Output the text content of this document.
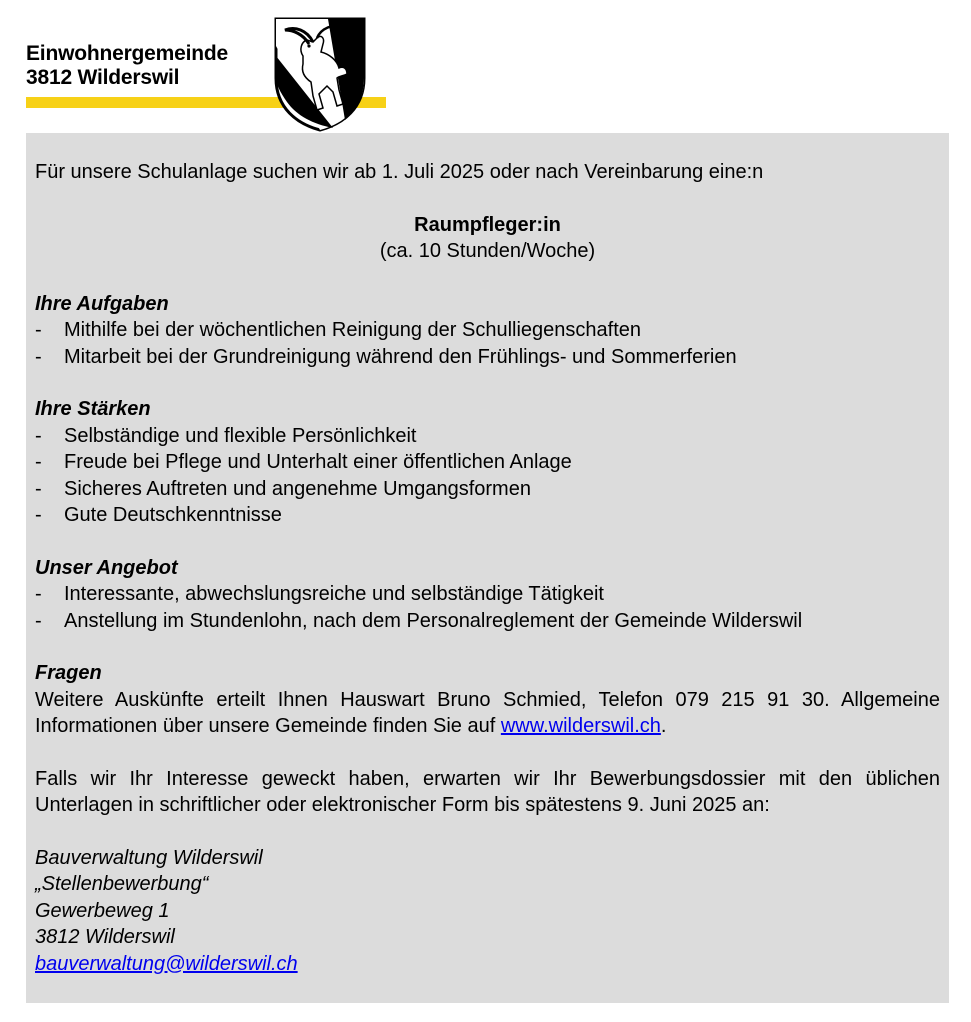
Einwohnergemeinde
3812 Wilderswil

Für unsere Schulanlage suchen wir ab 1. Juli 2025 oder nach Vereinbarung eine:n

Raumpfleger:in

(ca. 10 Stunden/Woche)

Ihre Aufgaben

- Mithilfe bei der wöchentlichen Reinigung der Schulliegenschaften
- Mitarbeit bei der Grundreinigung während den Frühlings- und Sommerferien

Ihre Stärken

- Selbständige und flexible Persönlichkeit
- Freude bei Pflege und Unterhalt einer öffentlichen Anlage
- Sicheres Auftreten und angenehme Umgangsformen
- Gute Deutschkenntnisse

Unser Angebot

- Interessante, abwechslungsreiche und selbständige Tätigkeit
- Anstellung im Stundenlohn, nach dem Personalreglement der Gemeinde Wilderswil

Fragen

Weitere Auskünfte erteilt Ihnen Hauswart Bruno Schmied, Telefon 079 215 91 30. Allgemeine Informationen über unsere Gemeinde finden Sie auf www.wilderswil.ch.

Falls wir Ihr Interesse geweckt haben, erwarten wir Ihr Bewerbungsdossier mit den üblichen Unterlagen in schriftlicher oder elektronischer Form bis spätestens 9. Juni 2025 an:

Bauverwaltung Wilderswil
„Stellenbewerbung“
Gewerbeweg 1
3812 Wilderswil
bauverwaltung@wilderswil.ch
